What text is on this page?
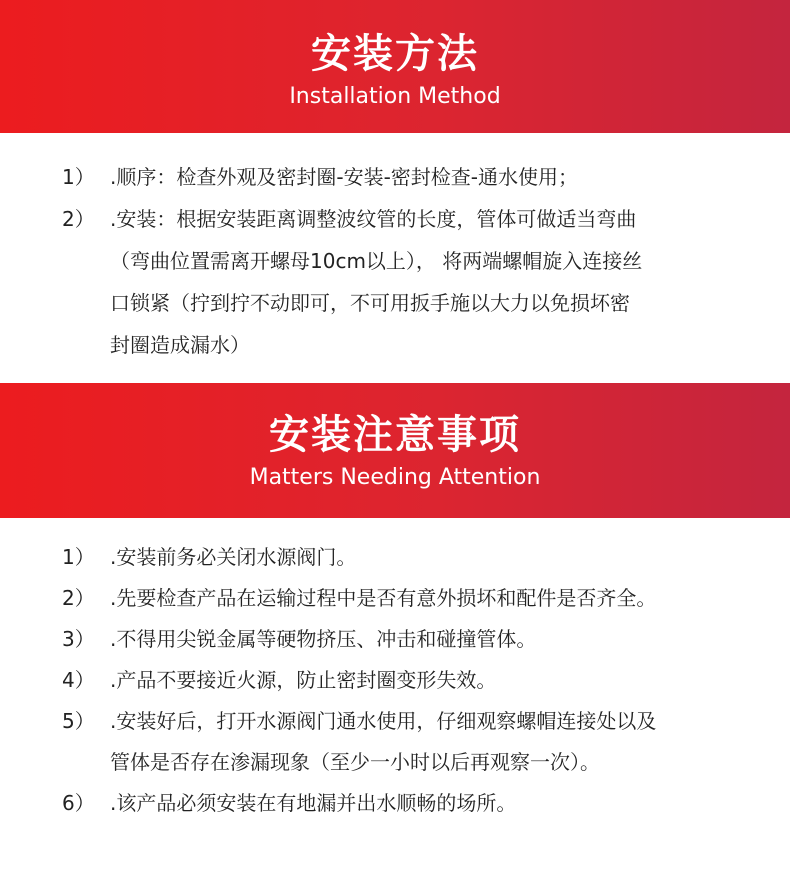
安装方法
Installation Method
1） .顺序：检查外观及密封圈-安装-密封检查-通水使用；
2） .安装：根据安装距离调整波纹管的长度，管体可做适当弯曲
（弯曲位置需离开螺母10cm以上）， 将两端螺帽旋入连接丝
口锁紧（拧到拧不动即可，不可用扳手施以大力以免损坏密
封圈造成漏水）
安装注意事项
Matters Needing Attention
1） .安装前务必关闭水源阀门。
2） .先要检查产品在运输过程中是否有意外损坏和配件是否齐全。
3） .不得用尖锐金属等硬物挤压、冲击和碰撞管体。
4） .产品不要接近火源，防止密封圈变形失效。
5） .安装好后，打开水源阀门通水使用，仔细观察螺帽连接处以及
管体是否存在渗漏现象（至少一小时以后再观察一次）。
6） .该产品必须安装在有地漏并出水顺畅的场所。
